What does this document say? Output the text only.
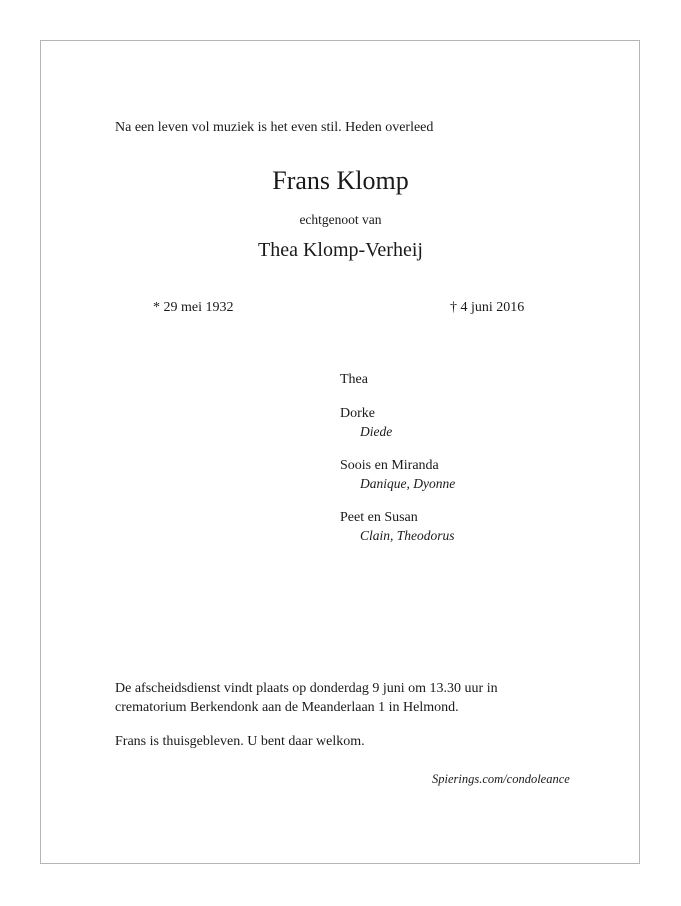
Na een leven vol muziek is het even stil. Heden overleed
Frans Klomp
echtgenoot van
Thea Klomp-Verheij
* 29 mei 1932	† 4 juni 2016
Thea
Dorke
Diede
Soois en Miranda
Danique, Dyonne
Peet en Susan
Clain, Theodorus
De afscheidsdienst vindt plaats op donderdag 9 juni om 13.30 uur in
crematorium Berkendonk aan de Meanderlaan 1 in Helmond.
Frans is thuisgebleven. U bent daar welkom.
Spierings.com/condoleance
